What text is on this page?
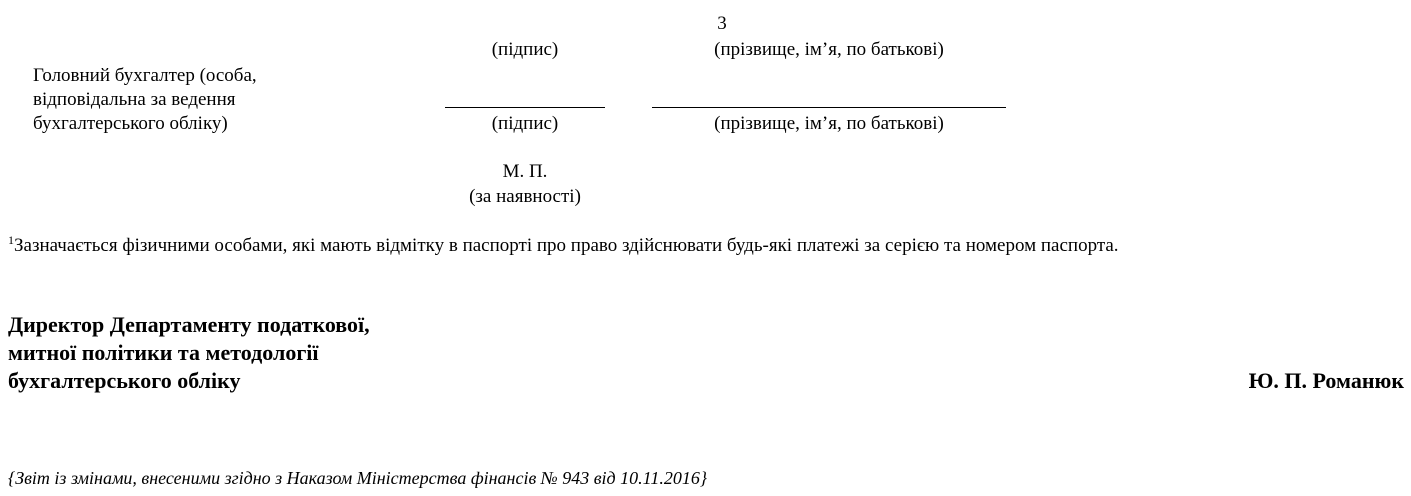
3
(підпис)	(прізвище, ім’я, по батькові)
Головний бухгалтер (особа,
відповідальна за ведення
бухгалтерського обліку)	(підпис)	(прізвище, ім’я, по батькові)
М. П.
(за наявності)
$^1$Зазначається фізичними особами, які мають відмітку в паспорті про право здійснювати будь-які платежі за серією та номером паспорта.
Директор Департаменту податкової,
митної політики та методології
бухгалтерського обліку	Ю. П. Романюк
{Звіт із змінами, внесеними згідно з Наказом Міністерства фінансів № 943 від 10.11.2016}
